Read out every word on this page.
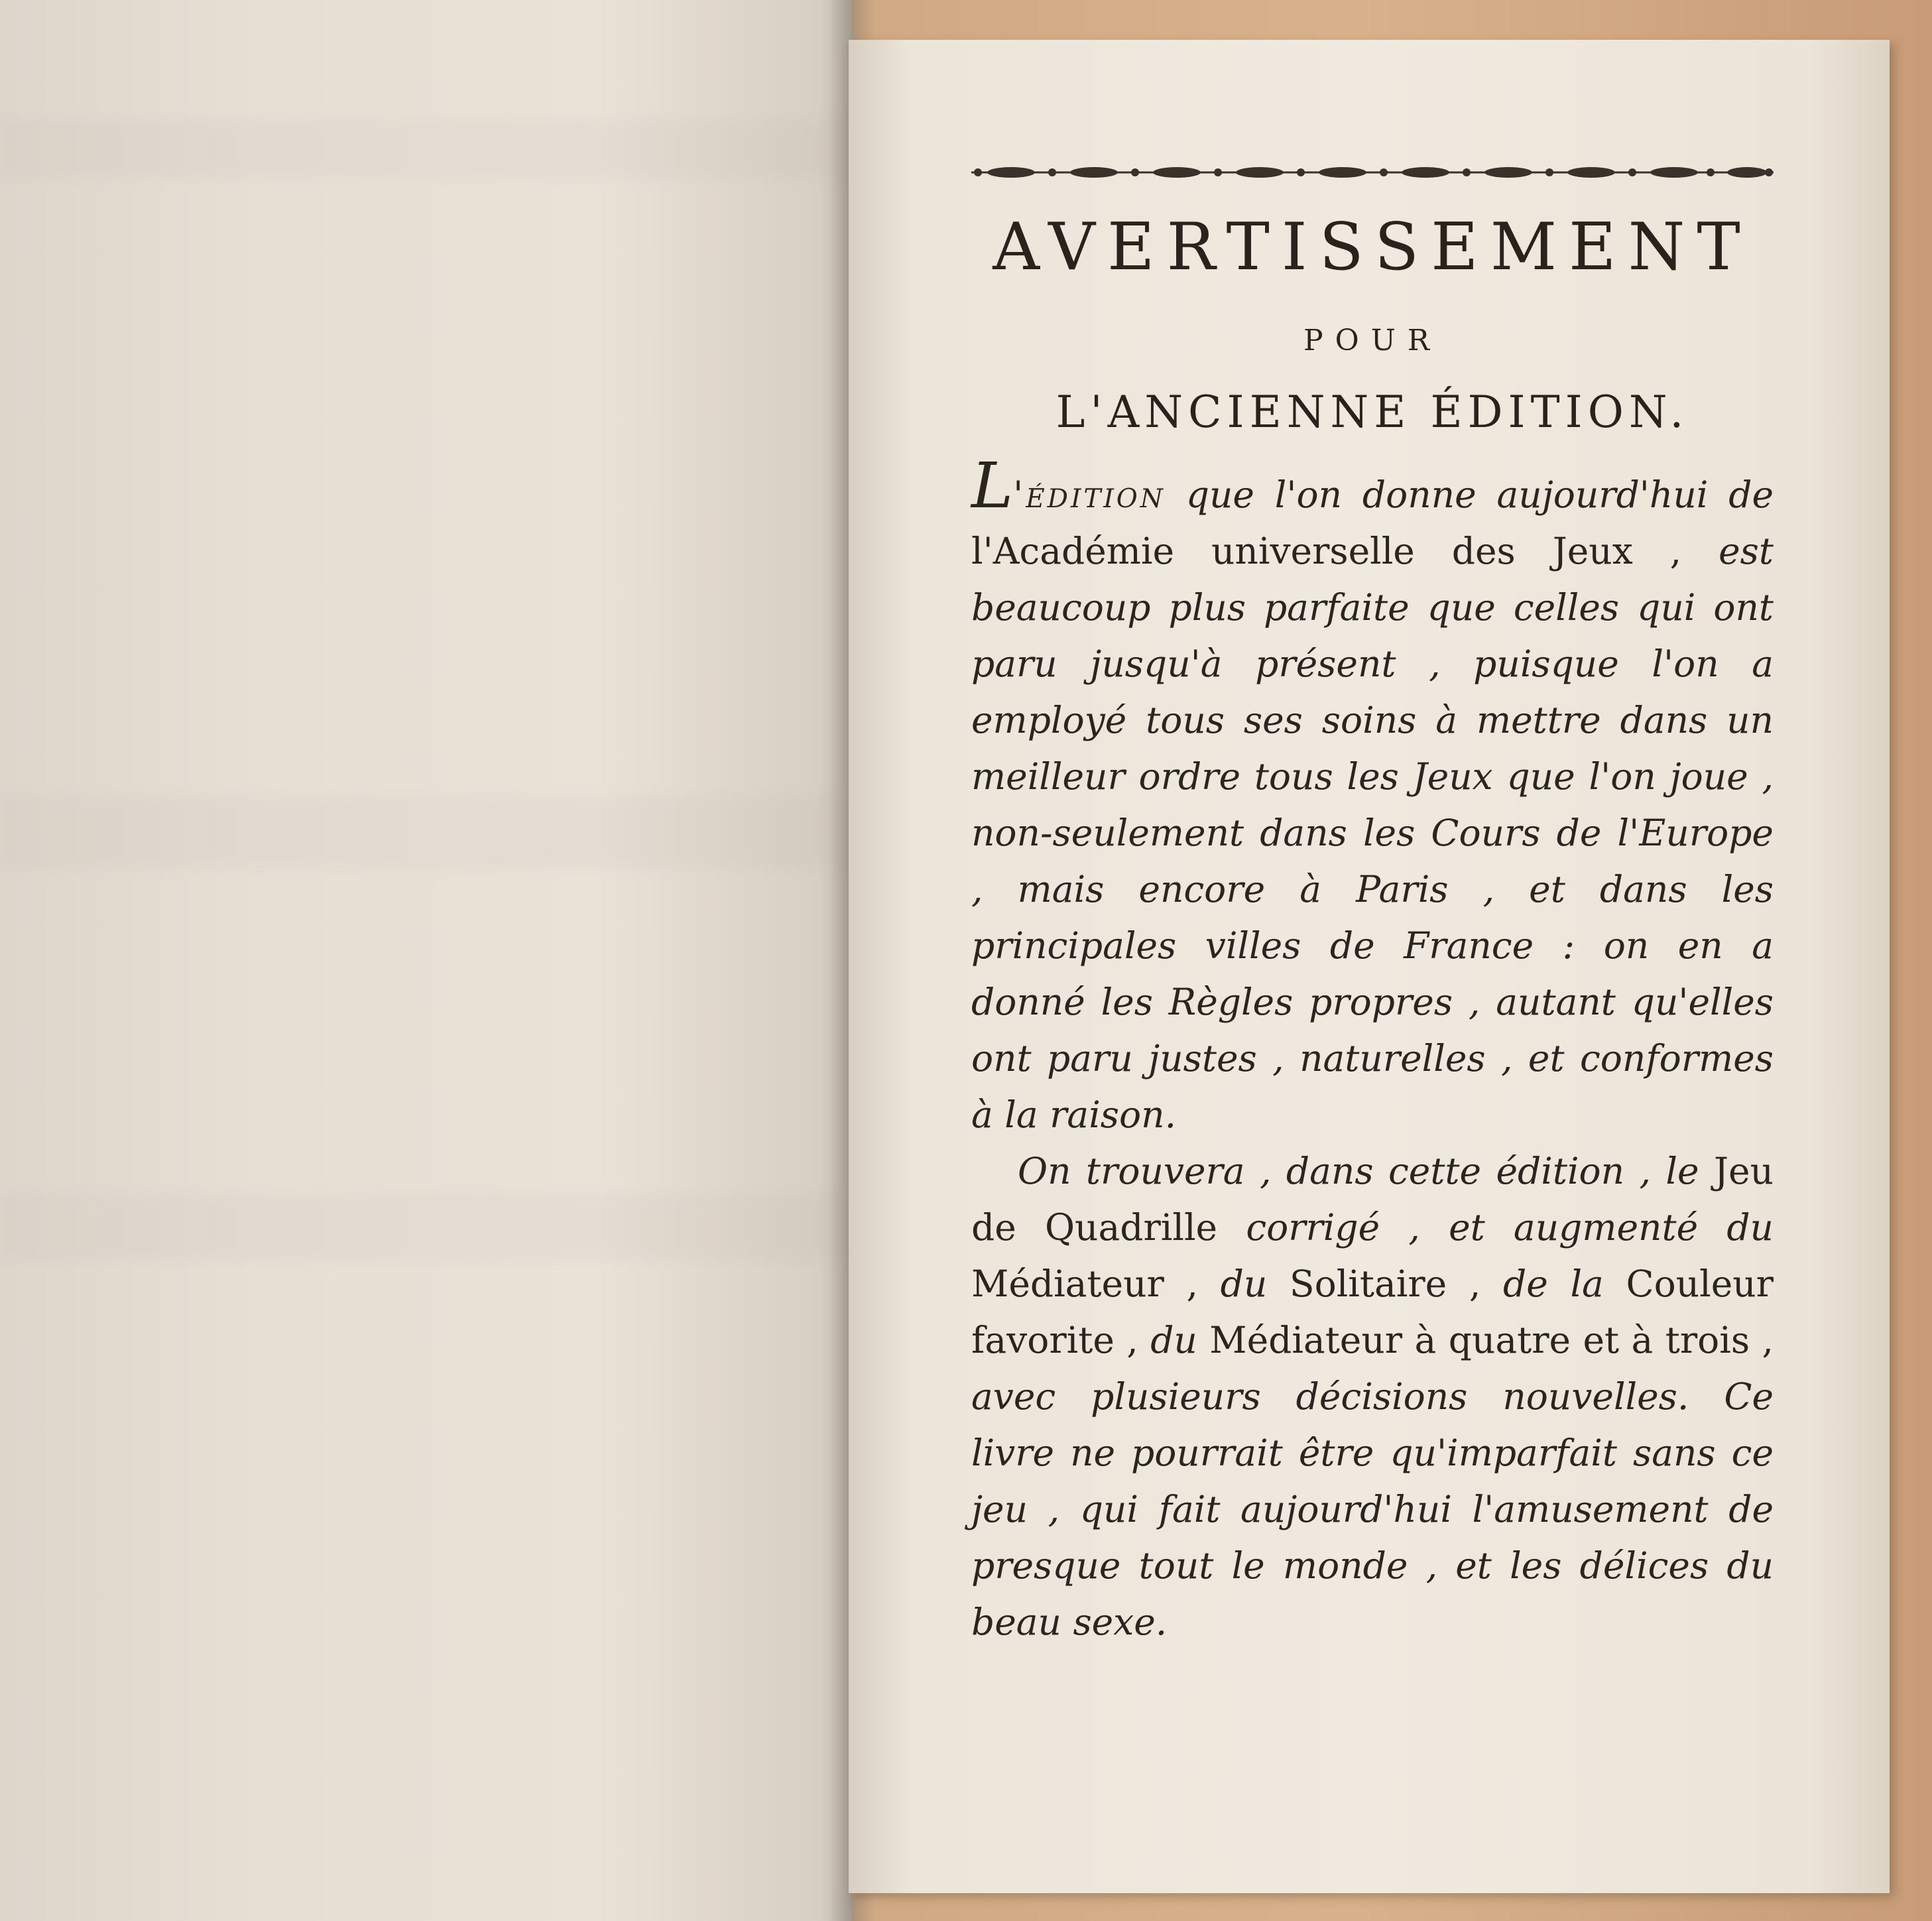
AVERTISSEMENT
POUR
L'ANCIENNE ÉDITION.

L'édition que l'on donne aujourd'hui de l'Académie universelle des Jeux , est beaucoup plus parfaite que celles qui ont paru jusqu'à présent , puisque l'on a employé tous ses soins à mettre dans un meilleur ordre tous les Jeux que l'on joue , non-seulement dans les Cours de l'Europe , mais encore à Paris , et dans les principales villes de France : on en a donné les Règles propres , autant qu'elles ont paru justes , naturelles , et conformes à la raison.

On trouvera , dans cette édition , le Jeu de Quadrille corrigé , et augmenté du Médiateur , du Solitaire , de la Couleur favorite , du Médiateur à quatre et à trois , avec plusieurs décisions nouvelles. Ce livre ne pourrait être qu'imparfait sans ce jeu , qui fait aujourd'hui l'amusement de presque tout le monde , et les délices du beau sexe.
